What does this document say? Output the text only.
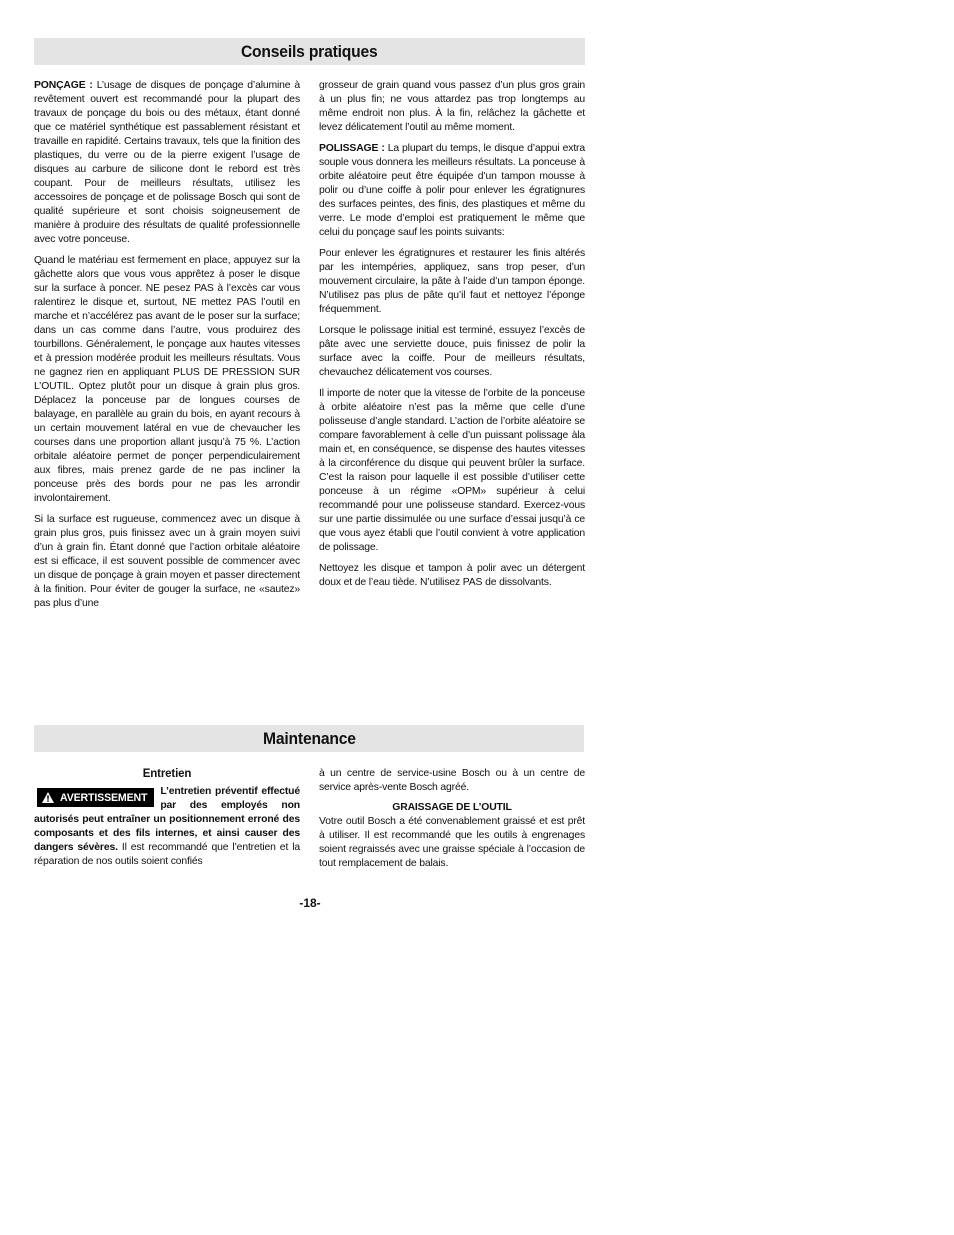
Conseils pratiques

PONÇAGE : L’usage de disques de ponçage d’alumine à revêtement ouvert est recommandé pour la plupart des travaux de ponçage du bois ou des métaux, étant donné que ce matériel synthétique est passablement résistant et travaille en rapidité. Certains travaux, tels que la finition des plastiques, du verre ou de la pierre exigent l’usage de disques au carbure de silicone dont le rebord est très coupant. Pour de meilleurs résultats, utilisez les accessoires de ponçage et de polissage Bosch qui sont de qualité supérieure et sont choisis soigneusement de manière à produire des résultats de qualité professionnelle avec votre ponceuse.

Quand le matériau est fermement en place, appuyez sur la gâchette alors que vous vous apprêtez à poser le disque sur la surface à poncer. NE pesez PAS à l’excès car vous ralentirez le disque et, surtout, NE mettez PAS l’outil en marche et n’accélérez pas avant de le poser sur la surface; dans un cas comme dans l’autre, vous produirez des tourbillons. Généralement, le ponçage aux hautes vitesses et à pression modérée produit les meilleurs résultats. Vous ne gagnez rien en appliquant PLUS DE PRESSION SUR L’OUTIL. Optez plutôt pour un disque à grain plus gros. Déplacez la ponceuse par de longues courses de balayage, en parallèle au grain du bois, en ayant recours à un certain mouvement latéral en vue de chevaucher les courses dans une proportion allant jusqu’à 75 %. L’action orbitale aléatoire permet de ponçer perpendiculairement aux fibres, mais prenez garde de ne pas incliner la ponceuse près des bords pour ne pas les arrondir involontairement.

Si la surface est rugueuse, commencez avec un disque à grain plus gros, puis finissez avec un à grain moyen suivi d’un à grain fin. Étant donné que l’action orbitale aléatoire est si efficace, il est souvent possible de commencer avec un disque de ponçage à grain moyen et passer directement à la finition. Pour éviter de gouger la surface, ne «sautez» pas plus d’une

grosseur de grain quand vous passez d’un plus gros grain à un plus fin; ne vous attardez pas trop longtemps au même endroit non plus. À la fin, relâchez la gâchette et levez délicatement l’outil au même moment.

POLISSAGE : La plupart du temps, le disque d’appui extra souple vous donnera les meilleurs résultats. La ponceuse à orbite aléatoire peut être équipée d’un tampon mousse à polir ou d’une coiffe à polir pour enlever les égratignures des surfaces peintes, des finis, des plastiques et même du verre. Le mode d’emploi est pratiquement le même que celui du ponçage sauf les points suivants:

Pour enlever les égratignures et restaurer les finis altérés par les intempéries, appliquez, sans trop peser, d’un mouvement circulaire, la pâte à l’aide d’un tampon éponge. N’utilisez pas plus de pâte qu’il faut et nettoyez l’éponge fréquemment.

Lorsque le polissage initial est terminé, essuyez l’excès de pâte avec une serviette douce, puis finissez de polir la surface avec la coiffe. Pour de meilleurs résultats, chevauchez délicatement vos courses.

Il importe de noter que la vitesse de l’orbite de la ponceuse à orbite aléatoire n’est pas la même que celle d’une polisseuse d’angle standard. L’action de l’orbite aléatoire se compare favorablement à celle d’un puissant polissage àla main et, en conséquence, se dispense des hautes vitesses à la circonférence du disque qui peuvent brûler la surface. C’est la raison pour laquelle il est possible d’utiliser cette ponceuse à un régime «OPM» supérieur à celui recommandé pour une polisseuse standard. Exercez-vous sur une partie dissimulée ou une surface d’essai jusqu’à ce que vous ayez établi que l’outil convient à votre application de polissage.

Nettoyez les disque et tampon à polir avec un détergent doux et de l’eau tiède. N’utilisez PAS de dissolvants.

Maintenance
Entretien
AVERTISSEMENT L’entretien préventif effectué par des employés non autorisés peut entraîner un positionnement erroné des composants et des fils internes, et ainsi causer des dangers sévères. Il est recommandé que l’entretien et la réparation de nos outils soient confiés

à un centre de service-usine Bosch ou à un centre de service après-vente Bosch agréé.

GRAISSAGE DE L’OUTIL

Votre outil Bosch a été convenablement graissé et est prêt à utiliser. Il est recommandé que les outils à engrenages soient regraissés avec une graisse spéciale à l’occasion de tout remplacement de balais.

-18-
